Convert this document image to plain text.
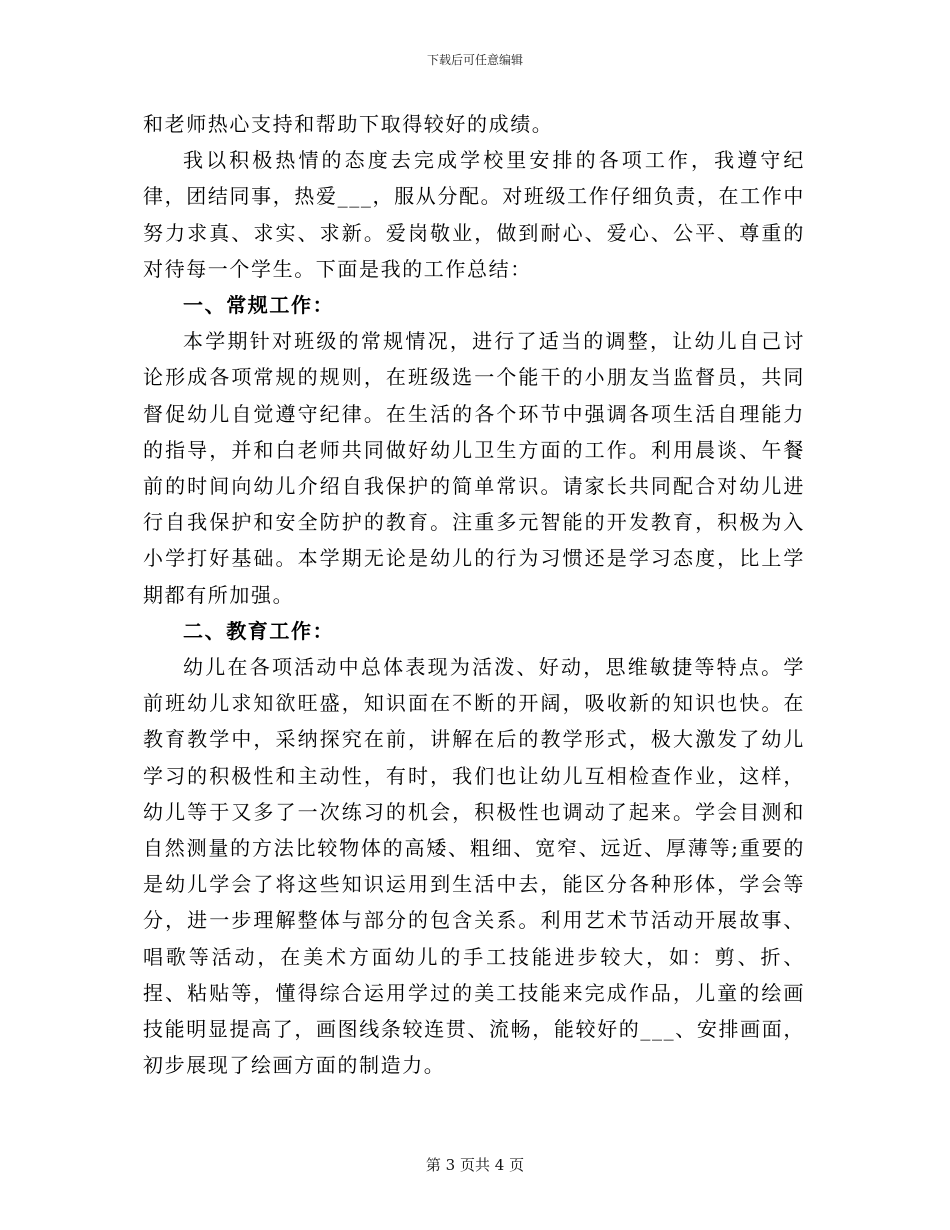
下载后可任意编辑

和老师热心支持和帮助下取得较好的成绩。

我以积极热情的态度去完成学校里安排的各项工作，我遵守纪律，团结同事，热爱___，服从分配。对班级工作仔细负责，在工作中努力求真、求实、求新。爱岗敬业，做到耐心、爱心、公平、尊重的对待每一个学生。下面是我的工作总结：

一、常规工作：

本学期针对班级的常规情况，进行了适当的调整，让幼儿自己讨论形成各项常规的规则，在班级选一个能干的小朋友当监督员，共同督促幼儿自觉遵守纪律。在生活的各个环节中强调各项生活自理能力的指导，并和白老师共同做好幼儿卫生方面的工作。利用晨谈、午餐前的时间向幼儿介绍自我保护的简单常识。请家长共同配合对幼儿进行自我保护和安全防护的教育。注重多元智能的开发教育，积极为入小学打好基础。本学期无论是幼儿的行为习惯还是学习态度，比上学期都有所加强。

二、教育工作：

幼儿在各项活动中总体表现为活泼、好动，思维敏捷等特点。学前班幼儿求知欲旺盛，知识面在不断的开阔，吸收新的知识也快。在教育教学中，采纳探究在前，讲解在后的教学形式，极大激发了幼儿学习的积极性和主动性，有时，我们也让幼儿互相检查作业，这样，幼儿等于又多了一次练习的机会，积极性也调动了起来。学会目测和自然测量的方法比较物体的高矮、粗细、宽窄、远近、厚薄等;重要的是幼儿学会了将这些知识运用到生活中去，能区分各种形体，学会等分，进一步理解整体与部分的包含关系。利用艺术节活动开展故事、唱歌等活动，在美术方面幼儿的手工技能进步较大，如：剪、折、捏、粘贴等，懂得综合运用学过的美工技能来完成作品，儿童的绘画技能明显提高了，画图线条较连贯、流畅，能较好的___、安排画面，初步展现了绘画方面的制造力。

第 3 页共 4 页
